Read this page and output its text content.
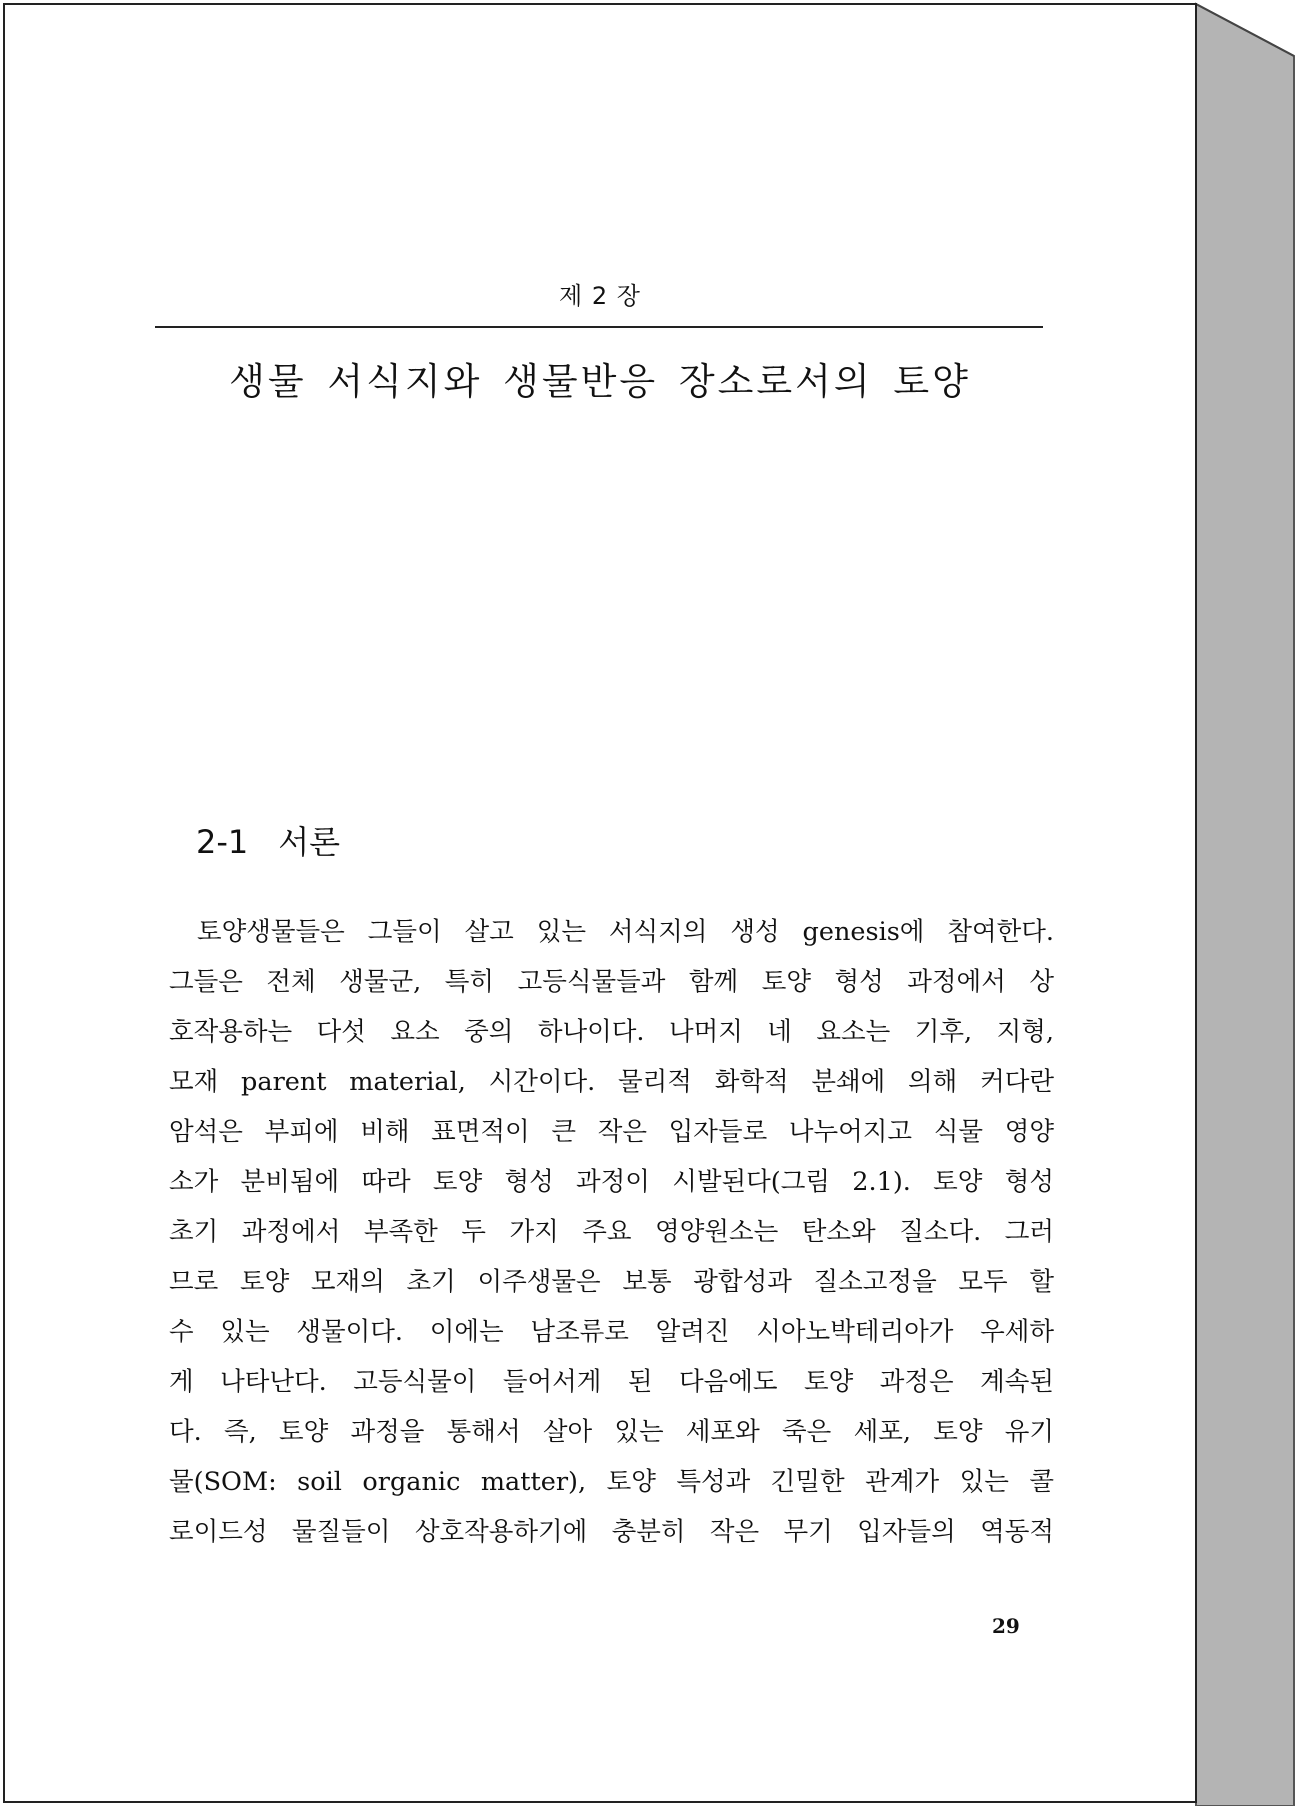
제 2 장
생물 서식지와 생물반응 장소로서의 토양
2-1 서론
토양생물들은 그들이 살고 있는 서식지의 생성 genesis에 참여한다.
그들은 전체 생물군, 특히 고등식물들과 함께 토양 형성 과정에서 상
호작용하는 다섯 요소 중의 하나이다. 나머지 네 요소는 기후, 지형,
모재 parent material, 시간이다. 물리적 화학적 분쇄에 의해 커다란
암석은 부피에 비해 표면적이 큰 작은 입자들로 나누어지고 식물 영양
소가 분비됨에 따라 토양 형성 과정이 시발된다(그림 2.1). 토양 형성
초기 과정에서 부족한 두 가지 주요 영양원소는 탄소와 질소다. 그러
므로 토양 모재의 초기 이주생물은 보통 광합성과 질소고정을 모두 할
수 있는 생물이다. 이에는 남조류로 알려진 시아노박테리아가 우세하
게 나타난다. 고등식물이 들어서게 된 다음에도 토양 과정은 계속된
다. 즉, 토양 과정을 통해서 살아 있는 세포와 죽은 세포, 토양 유기
물(SOM: soil organic matter), 토양 특성과 긴밀한 관계가 있는 콜
로이드성 물질들이 상호작용하기에 충분히 작은 무기 입자들의 역동적
29
